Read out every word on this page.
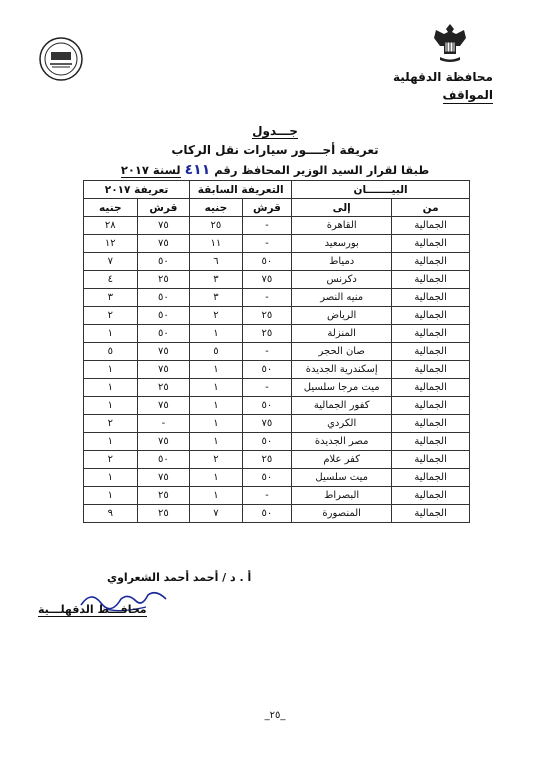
محافظة الدقهلية
المواقف
جـــدول
تعريفة أجــــور سيارات نقل الركاب
طبقا لقرار السيد الوزير المحافظ رقم ٤١١ لسنة ٢٠١٧
البيـــــــان		التعريفة السابقة		تعريفة ٢٠١٧	
من	إلى	قرش	جنيه	قرش	جنيه
الجمالية	القاهرة	-	٢٥	٧٥	٢٨
الجمالية	بورسعيد	-	١١	٧٥	١٢
الجمالية	دمياط	٥٠	٦	٥٠	٧
الجمالية	دكرنس	٧٥	٣	٢٥	٤
الجمالية	منيه النصر	-	٣	٥٠	٣
الجمالية	الرياض	٢٥	٢	٥٠	٢
الجمالية	المنزلة	٢٥	١	٥٠	١
الجمالية	صان الحجر	-	٥	٧٥	٥
الجمالية	إسكندرية الجديدة	٥٠	١	٧٥	١
الجمالية	ميت مرجا سلسيل	-	١	٢٥	١
الجمالية	كفور الجمالية	٥٠	١	٧٥	١
الجمالية	الكردي	٧٥	١	-	٢
الجمالية	مصر الجديدة	٥٠	١	٧٥	١
الجمالية	كفر علام	٢٥	٢	٥٠	٢
الجمالية	ميت سلسيل	٥٠	١	٧٥	١
الجمالية	البصراط	-	١	٢٥	١
الجمالية	المنصورة	٥٠	٧	٢٥	٩
أ . د / أحمد أحمد الشعراوي
محافـــظ الدقهلـــية
_٢٥_
